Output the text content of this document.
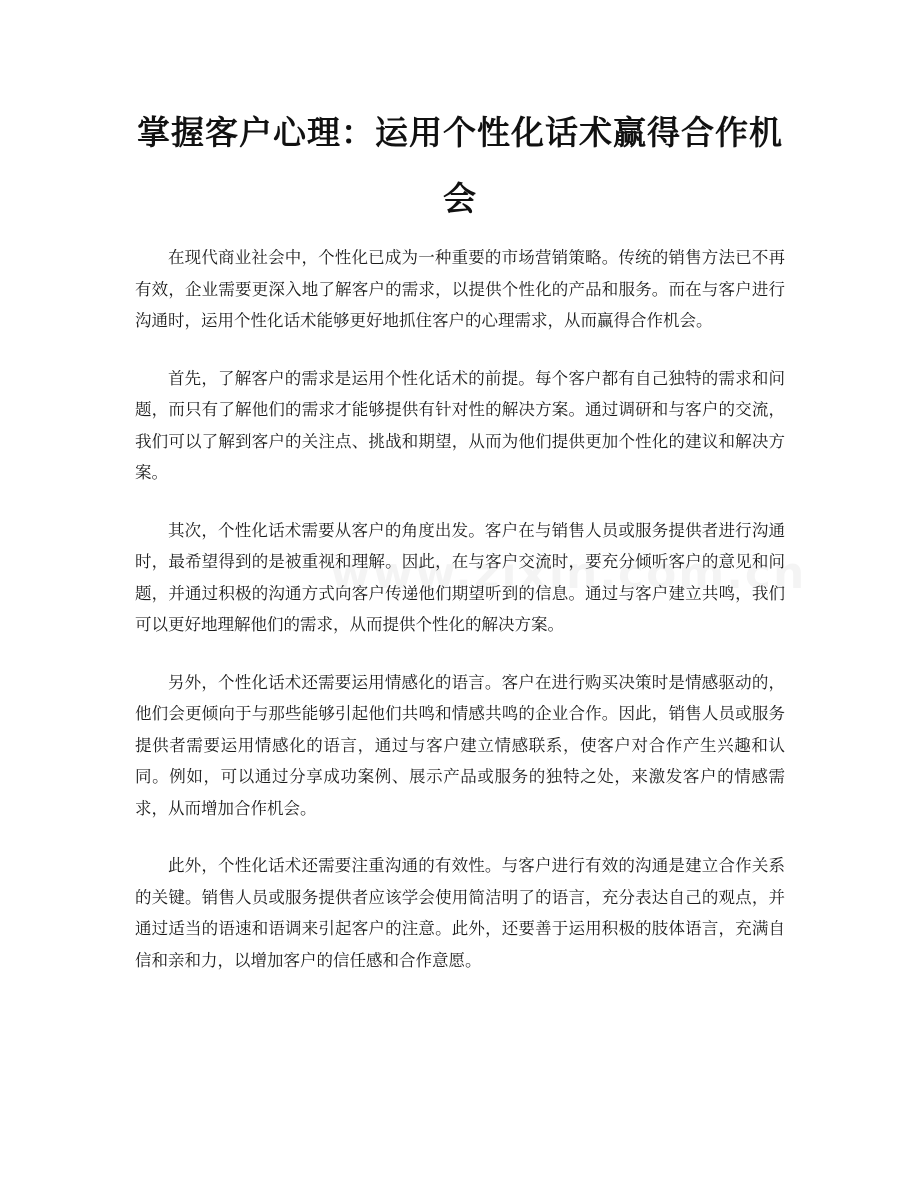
掌握客户心理：运用个性化话术赢得合作机会

在现代商业社会中，个性化已成为一种重要的市场营销策略。传统的销售方法已不再有效，企业需要更深入地了解客户的需求，以提供个性化的产品和服务。而在与客户进行沟通时，运用个性化话术能够更好地抓住客户的心理需求，从而赢得合作机会。

首先，了解客户的需求是运用个性化话术的前提。每个客户都有自己独特的需求和问题，而只有了解他们的需求才能够提供有针对性的解决方案。通过调研和与客户的交流，我们可以了解到客户的关注点、挑战和期望，从而为他们提供更加个性化的建议和解决方案。

其次，个性化话术需要从客户的角度出发。客户在与销售人员或服务提供者进行沟通时，最希望得到的是被重视和理解。因此，在与客户交流时，要充分倾听客户的意见和问题，并通过积极的沟通方式向客户传递他们期望听到的信息。通过与客户建立共鸣，我们可以更好地理解他们的需求，从而提供个性化的解决方案。

另外，个性化话术还需要运用情感化的语言。客户在进行购买决策时是情感驱动的，他们会更倾向于与那些能够引起他们共鸣和情感共鸣的企业合作。因此，销售人员或服务提供者需要运用情感化的语言，通过与客户建立情感联系，使客户对合作产生兴趣和认同。例如，可以通过分享成功案例、展示产品或服务的独特之处，来激发客户的情感需求，从而增加合作机会。

此外，个性化话术还需要注重沟通的有效性。与客户进行有效的沟通是建立合作关系的关键。销售人员或服务提供者应该学会使用简洁明了的语言，充分表达自己的观点，并通过适当的语速和语调来引起客户的注意。此外，还要善于运用积极的肢体语言，充满自信和亲和力，以增加客户的信任感和合作意愿。
